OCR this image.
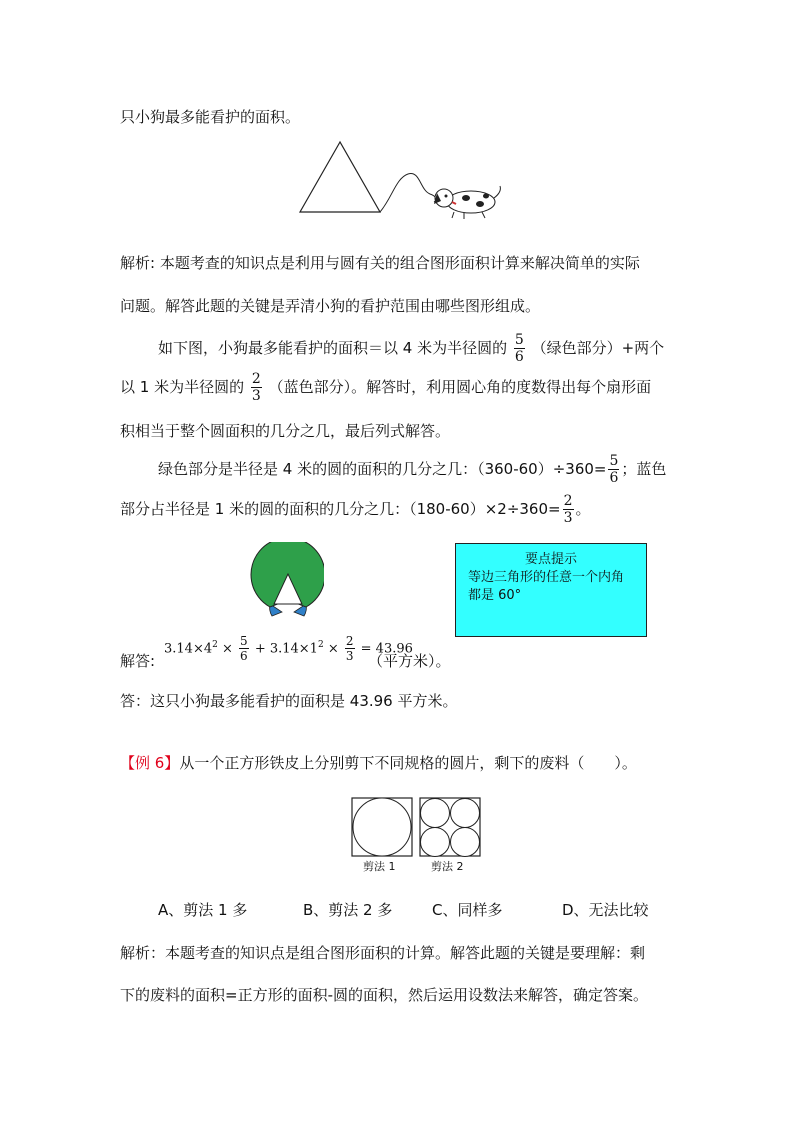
只小狗最多能看护的面积。
解析: 本题考查的知识点是利用与圆有关的组合图形面积计算来解决简单的实际
问题。解答此题的关键是弄清小狗的看护范围由哪些图形组成。
如下图，小狗最多能看护的面积＝以 4 米为半径圆的 $\frac{5}{6}$ （绿色部分）+两个
以 1 米为半径圆的 $\frac{2}{3}$ （蓝色部分）。解答时，利用圆心角的度数得出每个扇形面
积相当于整个圆面积的几分之几，最后列式解答。
绿色部分是半径是 4 米的圆的面积的几分之几：$(360-60)\div 360= \frac{5}{6}$ ；蓝色
部分占半径是 1 米的圆的面积的几分之几：$(180-60)\times 2\div 360= \frac{2}{3}$ 。
要点提示
等边三角形的任意一个内角
都是 60°
解答:
$3.14\times 4^2 \times \frac{5}{6} + 3.14\times 1^2 \times \frac{2}{3} = 43.96$
（平方米）。
答：这只小狗最多能看护的面积是 43.96 平方米。
【例 6】从一个正方形铁皮上分别剪下不同规格的圆片，剩下的废料（　　）。
剪法 1	剪法 2
A、剪法 1 多	B、剪法 2 多	C、同样多	D、无法比较
解析：本题考查的知识点是组合图形面积的计算。解答此题的关键是要理解：剩
下的废料的面积=正方形的面积-圆的面积，然后运用设数法来解答，确定答案。
